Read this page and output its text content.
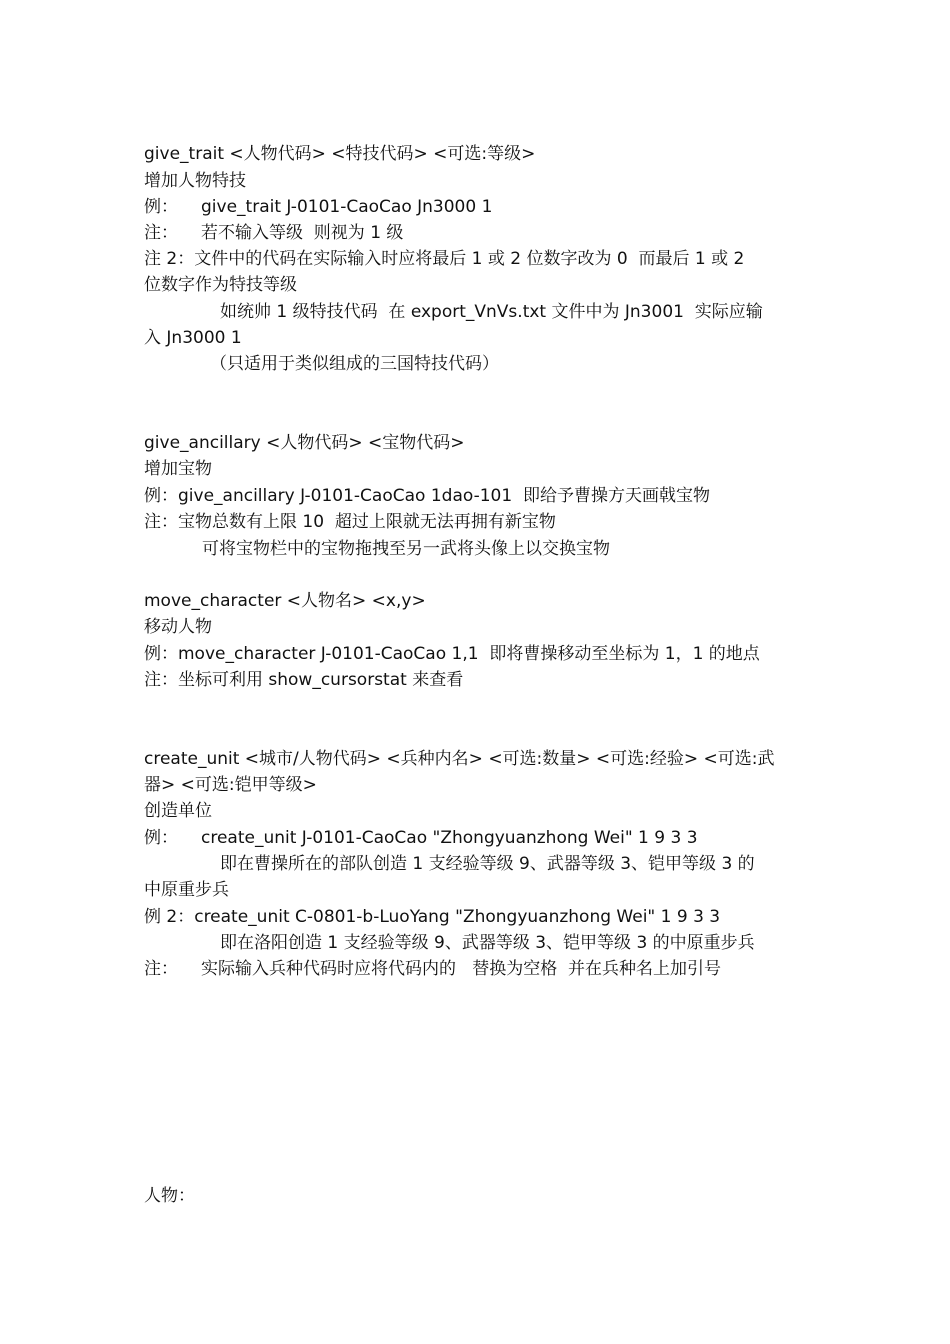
give_trait <人物代码> <特技代码> <可选:等级>
增加人物特技
例： give_trait J-0101-CaoCao Jn3000 1
注： 若不输入等级  则视为 1 级
注 2：文件中的代码在实际输入时应将最后 1 或 2 位数字改为 0  而最后 1 或 2
位数字作为特技等级
如统帅 1 级特技代码  在 export_VnVs.txt 文件中为 Jn3001  实际应输
入 Jn3000 1
（只适用于类似组成的三国特技代码）
give_ancillary <人物代码> <宝物代码>
增加宝物
例：give_ancillary J-0101-CaoCao 1dao-101  即给予曹操方天画戟宝物
注：宝物总数有上限 10  超过上限就无法再拥有新宝物
可将宝物栏中的宝物拖拽至另一武将头像上以交换宝物
move_character <人物名> <x,y>
移动人物
例：move_character J-0101-CaoCao 1,1  即将曹操移动至坐标为 1，1 的地点
注：坐标可利用 show_cursorstat 来查看
create_unit <城市/人物代码> <兵种内名> <可选:数量> <可选:经验> <可选:武
器> <可选:铠甲等级>
创造单位
例： create_unit J-0101-CaoCao "Zhongyuanzhong Wei" 1 9 3 3
即在曹操所在的部队创造 1 支经验等级 9、武器等级 3、铠甲等级 3 的
中原重步兵
例 2：create_unit C-0801-b-LuoYang "Zhongyuanzhong Wei" 1 9 3 3
即在洛阳创造 1 支经验等级 9、武器等级 3、铠甲等级 3 的中原重步兵
注： 实际输入兵种代码时应将代码内的   替换为空格  并在兵种名上加引号
人物：
